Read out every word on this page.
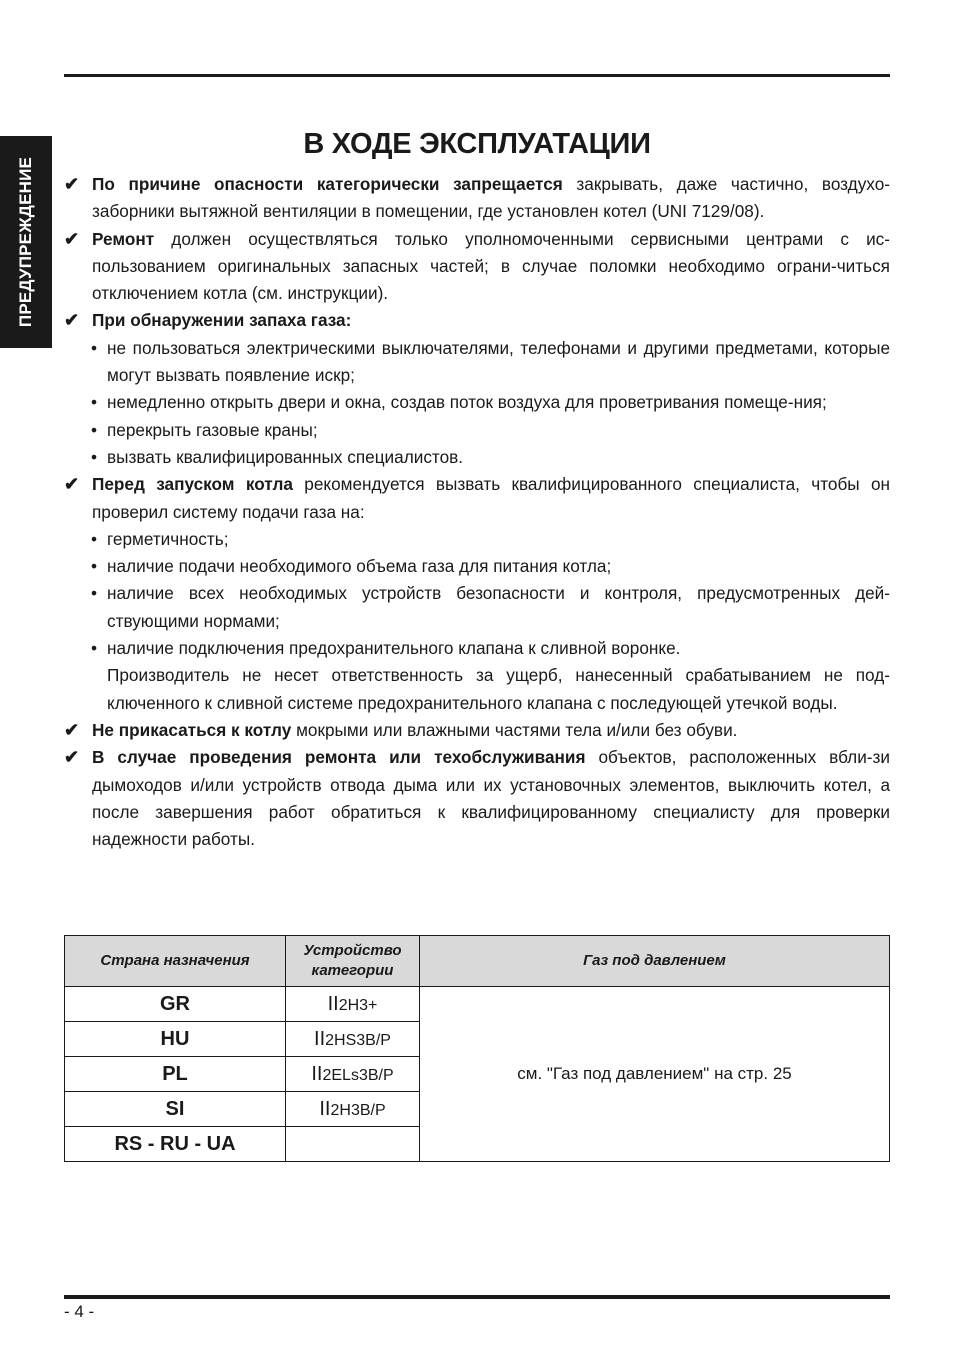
ПРЕДУПРЕЖДЕНИЕ
В ХОДЕ ЭКСПЛУАТАЦИИ
✔ По причине опасности категорически запрещается закрывать, даже частично, воздухо-заборники вытяжной вентиляции в помещении, где установлен котел (UNI 7129/08).
✔ Ремонт должен осуществляться только уполномоченными сервисными центрами с ис-пользованием оригинальных запасных частей; в случае поломки необходимо ограни-читься отключением котла (см. инструкции).
✔ При обнаружении запаха газа:
• не пользоваться электрическими выключателями, телефонами и другими предметами, которые могут вызвать появление искр;
• немедленно открыть двери и окна, создав поток воздуха для проветривания помеще-ния;
• перекрыть газовые краны;
• вызвать квалифицированных специалистов.
✔ Перед запуском котла рекомендуется вызвать квалифицированного специалиста, чтобы он проверил систему подачи газа на:
• герметичность;
• наличие подачи необходимого объема газа для питания котла;
• наличие всех необходимых устройств безопасности и контроля, предусмотренных дей-ствующими нормами;
• наличие подключения предохранительного клапана к сливной воронке.
Производитель не несет ответственность за ущерб, нанесенный срабатыванием не под-ключенного к сливной системе предохранительного клапана с последующей утечкой воды.
✔ Не прикасаться к котлу мокрыми или влажными частями тела и/или без обуви.
✔ В случае проведения ремонта или техобслуживания объектов, расположенных вбли-зи дымоходов и/или устройств отвода дыма или их установочных элементов, выключить котел, а после завершения работ обратиться к квалифицированному специалисту для проверки надежности работы.
Страна назначения	Устройство категории	Газ под давлением
GR	II2H3+	см. "Газ под давлением" на стр. 25
HU	II2HS3B/P	
PL	II2ELs3B/P	
SI	II2H3B/P	
RS - RU - UA		
- 4 -
